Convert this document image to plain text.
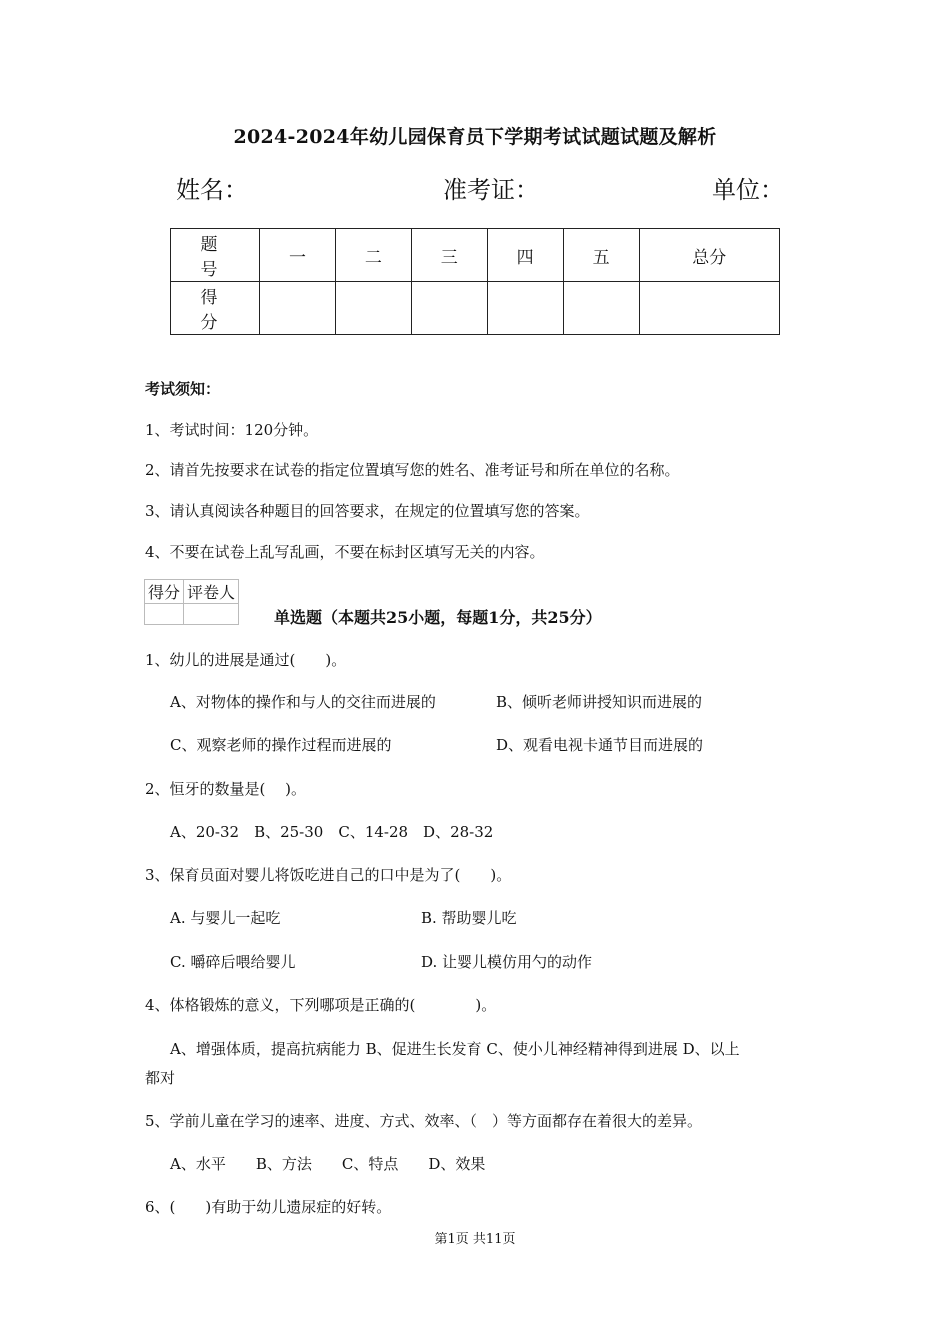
2024-2024年幼儿园保育员下学期考试试题试题及解析
姓名：	准考证：	单位：
题　号	一	二	三	四	五	总分
得　分						
考试须知：
1、考试时间：120分钟。
2、请首先按要求在试卷的指定位置填写您的姓名、准考证号和所在单位的名称。
3、请认真阅读各种题目的回答要求，在规定的位置填写您的答案。
4、不要在试卷上乱写乱画，不要在标封区填写无关的内容。
得分	评卷人

单选题（本题共25小题，每题1分，共25分）
1、幼儿的进展是通过(　　)。
A、对物体的操作和与人的交往而进展的	B、倾听老师讲授知识而进展的
C、观察老师的操作过程而进展的	D、观看电视卡通节目而进展的
2、恒牙的数量是(　 )。
A、20-32　B、25-30　C、14-28　D、28-32
3、保育员面对婴儿将饭吃进自己的口中是为了(　　)。
A. 与婴儿一起吃	B. 帮助婴儿吃
C. 嚼碎后喂给婴儿	D. 让婴儿模仿用勺的动作
4、体格锻炼的意义，下列哪项是正确的(　　　　)。
A、增强体质，提高抗病能力 B、促进生长发育 C、使小儿神经精神得到进展 D、以上
都对
5、学前儿童在学习的速率、进度、方式、效率、（　）等方面都存在着很大的差异。
A、水平　　B、方法　　C、特点　　D、效果
6、(　　)有助于幼儿遗尿症的好转。
第1页 共11页
